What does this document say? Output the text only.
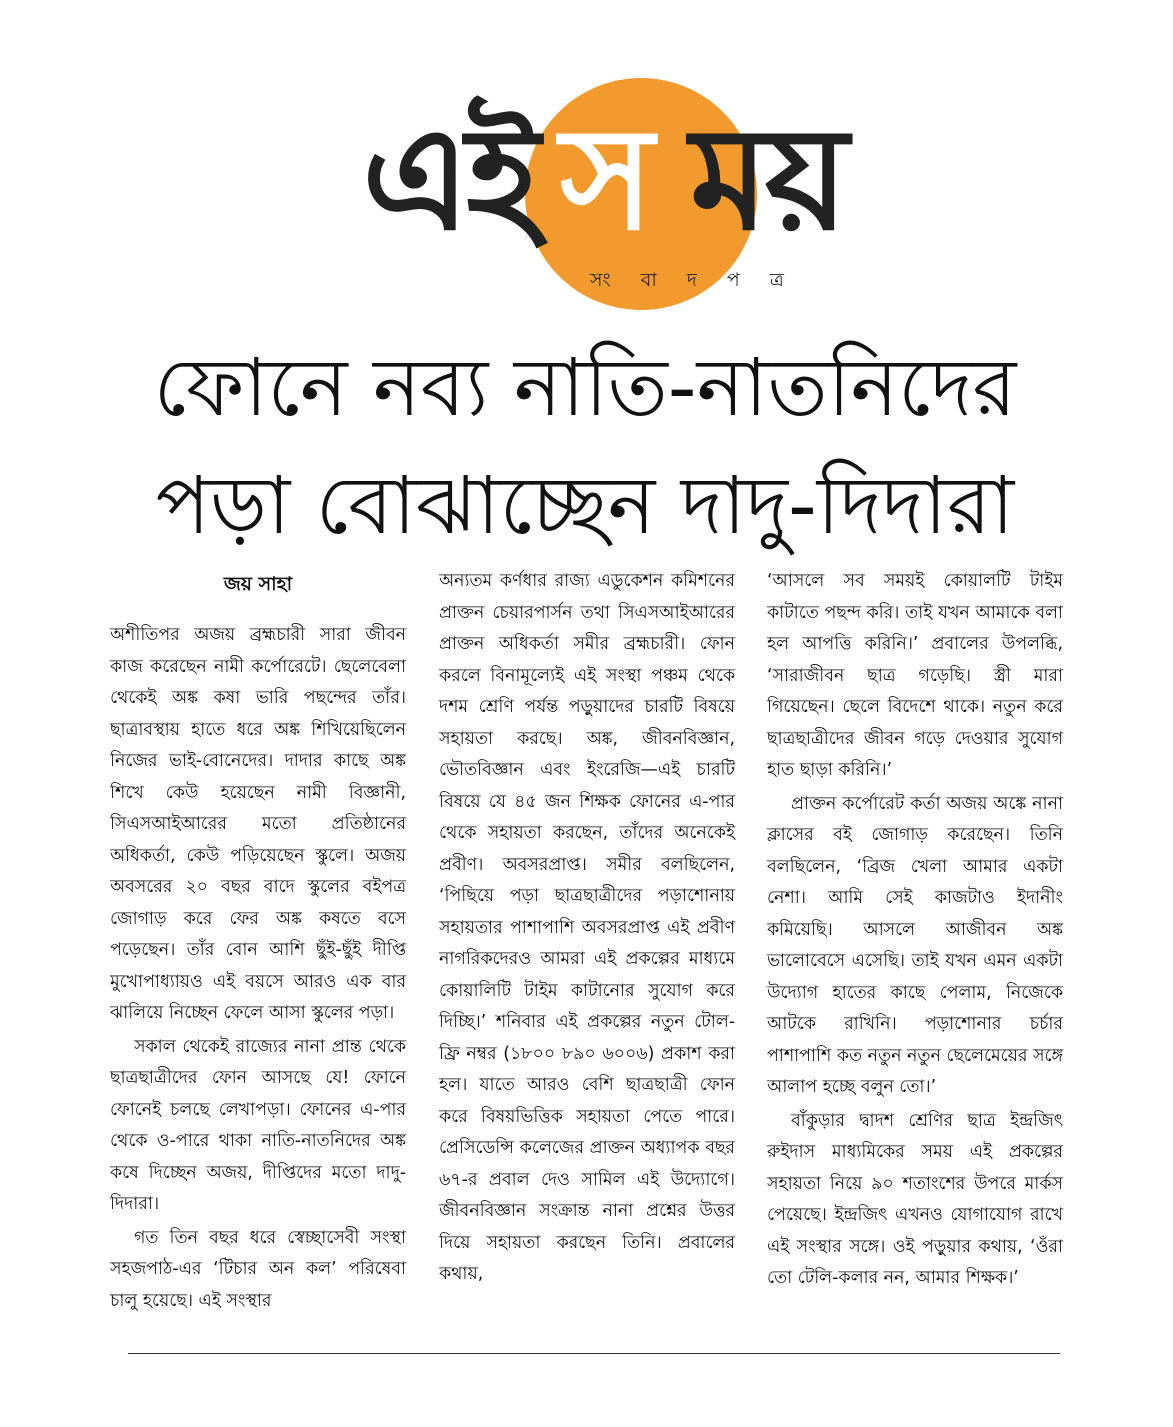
এই স ময়
সং বা দ প ত্র
ফোনে নব্য নাতি-নাতনিদের
পড়া বোঝাচ্ছেন দাদু-দিদারা
জয় সাহা

অশীতিপর অজয় ব্রহ্মচারী সারা জীবন কাজ করেছেন নামী কর্পোরেটে। ছেলেবেলা থেকেই অঙ্ক কষা ভারি পছন্দের তাঁর। ছাত্রাবস্থায় হাতে ধরে অঙ্ক শিখিয়েছিলেন নিজের ভাই-বোনেদের। দাদার কাছে অঙ্ক শিখে কেউ হয়েছেন নামী বিজ্ঞানী, সিএসআইআরের মতো প্রতিষ্ঠানের অধিকর্তা, কেউ পড়িয়েছেন স্কুলে। অজয় অবসরের ২০ বছর বাদে স্কুলের বইপত্র জোগাড় করে ফের অঙ্ক কষতে বসে পড়েছেন। তাঁর বোন আশি ছুঁই-ছুঁই দীপ্তি মুখোপাধ্যায়ও এই বয়সে আরও এক বার ঝালিয়ে নিচ্ছেন ফেলে আসা স্কুলের পড়া।

সকাল থেকেই রাজ্যের নানা প্রান্ত থেকে ছাত্রছাত্রীদের ফোন আসছে যে! ফোনে ফোনেই চলছে লেখাপড়া। ফোনের এ-পার থেকে ও-পারে থাকা নাতি-নাতনিদের অঙ্ক কষে দিচ্ছেন অজয়, দীপ্তিদের মতো দাদু-দিদারা।

গত তিন বছর ধরে স্বেচ্ছাসেবী সংস্থা সহজপাঠ-এর ‘টিচার অন কল’ পরিষেবা চালু হয়েছে। এই সংস্থার

অন্যতম কর্ণধার রাজ্য এডুকেশন কমিশনের প্রাক্তন চেয়ারপার্সন তথা সিএসআইআরের প্রাক্তন অধিকর্তা সমীর ব্রহ্মচারী। ফোন করলে বিনামূল্যেই এই সংস্থা পঞ্চম থেকে দশম শ্রেণি পর্যন্ত পড়ুয়াদের চারটি বিষয়ে সহায়তা করছে। অঙ্ক, জীবনবিজ্ঞান, ভৌতবিজ্ঞান এবং ইংরেজি—এই চারটি বিষয়ে যে ৪৫ জন শিক্ষক ফোনের এ-পার থেকে সহায়তা করছেন, তাঁদের অনেকেই প্রবীণ। অবসরপ্রাপ্ত। সমীর বলছিলেন, ‘পিছিয়ে পড়া ছাত্রছাত্রীদের পড়াশোনায় সহায়তার পাশাপাশি অবসরপ্রাপ্ত এই প্রবীণ নাগরিকদেরও আমরা এই প্রকল্পের মাধ্যমে কোয়ালিটি টাইম কাটানোর সুযোগ করে দিচ্ছি।’ শনিবার এই প্রকল্পের নতুন টোল-ফ্রি নম্বর (১৮০০ ৮৯০ ৬০০৬) প্রকাশ করা হল। যাতে আরও বেশি ছাত্রছাত্রী ফোন করে বিষয়ভিত্তিক সহায়তা পেতে পারে। প্রেসিডেন্সি কলেজের প্রাক্তন অধ্যাপক বছর ৬৭-র প্রবাল দেও সামিল এই উদ্যোগে। জীবনবিজ্ঞান সংক্রান্ত নানা প্রশ্নের উত্তর দিয়ে সহায়তা করছেন তিনি। প্রবালের কথায়,

‘আসলে সব সময়ই কোয়ালটি টাইম কাটাতে পছন্দ করি। তাই যখন আমাকে বলা হল আপত্তি করিনি।’ প্রবালের উপলব্ধি, ‘সারাজীবন ছাত্র গড়েছি। স্ত্রী মারা গিয়েছেন। ছেলে বিদেশে থাকে। নতুন করে ছাত্রছাত্রীদের জীবন গড়ে দেওয়ার সুযোগ হাত ছাড়া করিনি।’

প্রাক্তন কর্পোরেট কর্তা অজয় অঙ্কে নানা ক্লাসের বই জোগাড় করেছেন। তিনি বলছিলেন, ‘ব্রিজ খেলা আমার একটা নেশা। আমি সেই কাজটাও ইদানীং কমিয়েছি। আসলে আজীবন অঙ্ক ভালোবেসে এসেছি। তাই যখন এমন একটা উদ্যোগ হাতের কাছে পেলাম, নিজেকে আটকে রাখিনি। পড়াশোনার চর্চার পাশাপাশি কত নতুন নতুন ছেলেমেয়ের সঙ্গে আলাপ হচ্ছে বলুন তো।’

বাঁকুড়ার দ্বাদশ শ্রেণির ছাত্র ইন্দ্রজিৎ রুইদাস মাধ্যমিকের সময় এই প্রকল্পের সহায়তা নিয়ে ৯০ শতাংশের উপরে মার্কস পেয়েছে। ইন্দ্রজিৎ এখনও যোগাযোগ রাখে এই সংস্থার সঙ্গে। ওই পড়ুয়ার কথায়, ‘ওঁরা তো টেলি-কলার নন, আমার শিক্ষক।’
